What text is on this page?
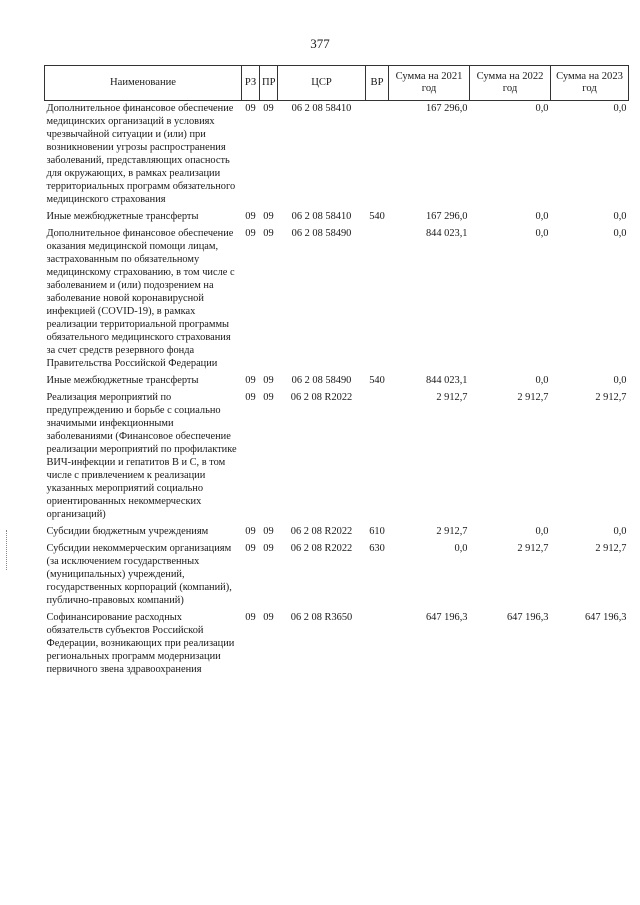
377
Наименование	РЗ	ПР	ЦСР	ВР	Сумма на 2021 год	Сумма на 2022 год	Сумма на 2023 год
Дополнительное финансовое обеспечение медицинских организаций в условиях чрезвычайной ситуации и (или) при возникновении угрозы распространения заболеваний, представляющих опасность для окружающих, в рамках реализации территориальных программ обязательного медицинского страхования	09	09	06 2 08 58410		167 296,0	0,0	0,0
Иные межбюджетные трансферты	09	09	06 2 08 58410	540	167 296,0	0,0	0,0
Дополнительное финансовое обеспечение оказания медицинской помощи лицам, застрахованным по обязательному медицинскому страхованию, в том числе с заболеванием и (или) подозрением на заболевание новой коронавирусной инфекцией (COVID-19), в рамках реализации территориальной программы обязательного медицинского страхования за счет средств резервного фонда Правительства Российской Федерации	09	09	06 2 08 58490		844 023,1	0,0	0,0
Иные межбюджетные трансферты	09	09	06 2 08 58490	540	844 023,1	0,0	0,0
Реализация мероприятий по предупреждению и борьбе с социально значимыми инфекционными заболеваниями (Финансовое обеспечение реализации мероприятий по профилактике ВИЧ-инфекции и гепатитов В и С, в том числе с привлечением к реализации указанных мероприятий социально ориентированных некоммерческих организаций)	09	09	06 2 08 R2022		2 912,7	2 912,7	2 912,7
Субсидии бюджетным учреждениям	09	09	06 2 08 R2022	610	2 912,7	0,0	0,0
Субсидии некоммерческим организациям (за исключением государственных (муниципальных) учреждений, государственных корпораций (компаний), публично-правовых компаний)	09	09	06 2 08 R2022	630	0,0	2 912,7	2 912,7
Софинансирование расходных обязательств субъектов Российской Федерации, возникающих при реализации региональных программ модернизации первичного звена здравоохранения	09	09	06 2 08 R3650		647 196,3	647 196,3	647 196,3
